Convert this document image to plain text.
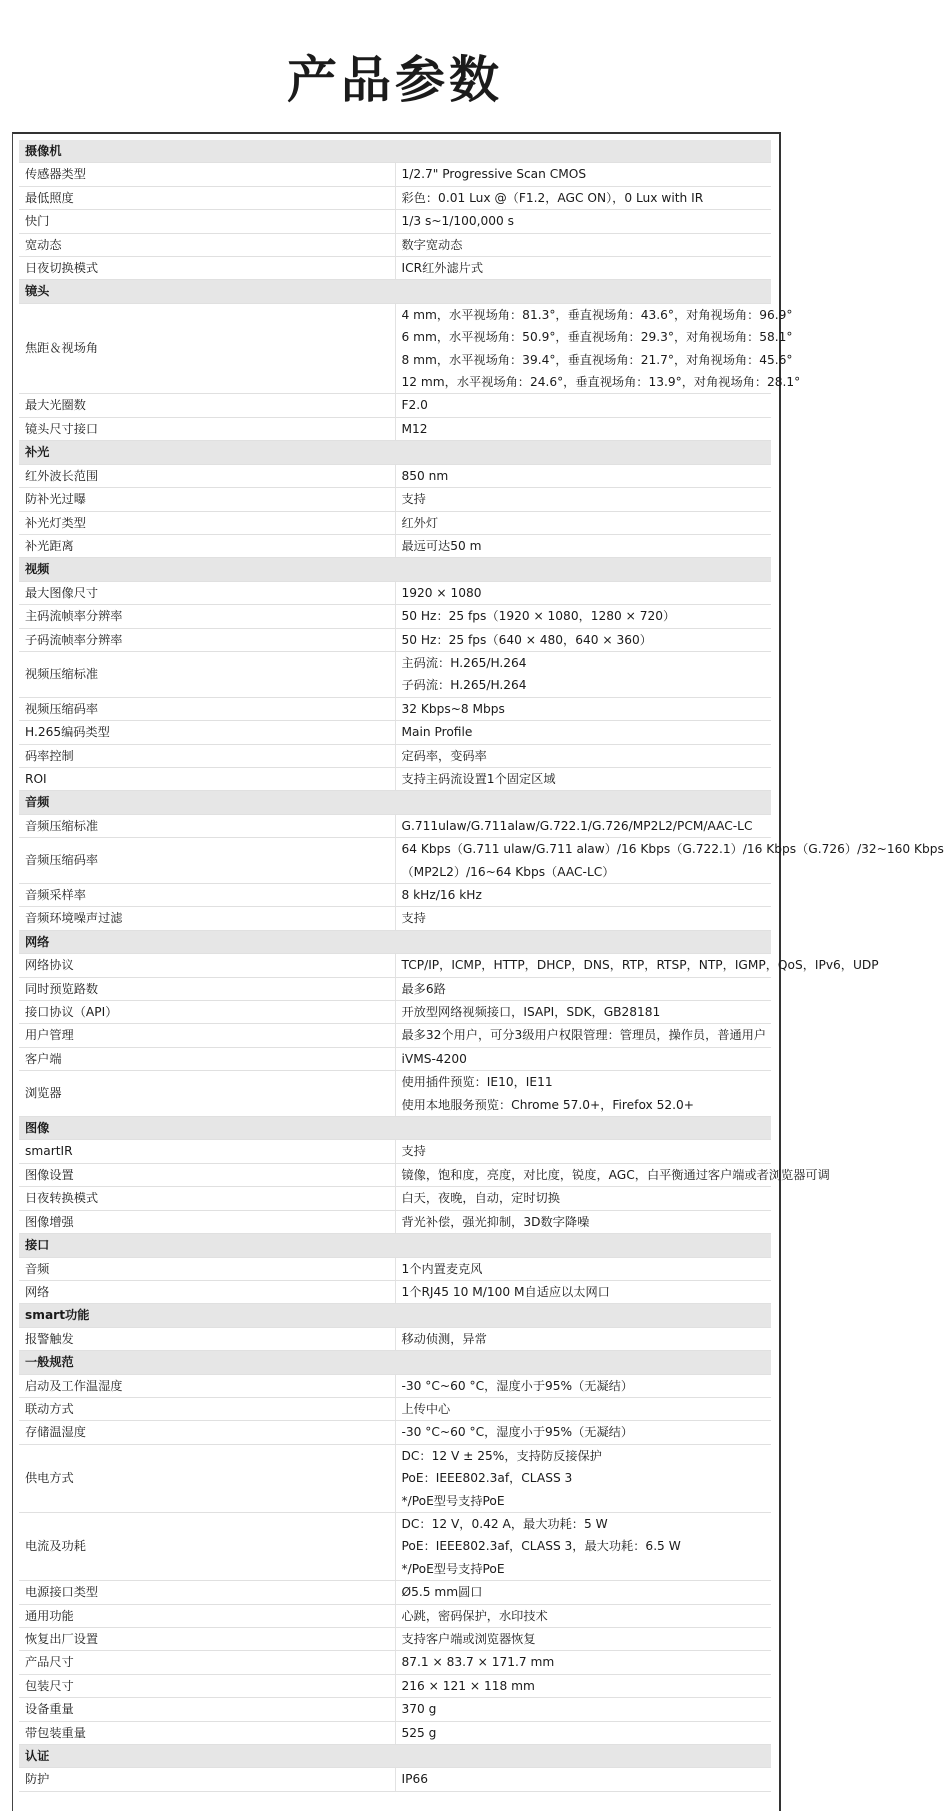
产品参数
摄像机	
传感器类型	1/2.7" Progressive Scan CMOS

最低照度	彩色：0.01 Lux @（F1.2，AGC ON），0 Lux with IR

快门	1/3 s~1/100,000 s

宽动态	数字宽动态

日夜切换模式	ICR红外滤片式

镜头	
焦距＆视场角	4 mm，水平视场角：81.3°，垂直视场角：43.6°，对角视场角：96.9°
6 mm，水平视场角：50.9°，垂直视场角：29.3°，对角视场角：58.1°
8 mm，水平视场角：39.4°，垂直视场角：21.7°，对角视场角：45.6°
12 mm，水平视场角：24.6°，垂直视场角：13.9°，对角视场角：28.1°

最大光圈数	F2.0

镜头尺寸接口	M12

补光	
红外波长范围	850 nm

防补光过曝	支持

补光灯类型	红外灯

补光距离	最远可达50 m

视频	
最大图像尺寸	1920 × 1080

主码流帧率分辨率	50 Hz：25 fps（1920 × 1080，1280 × 720）

子码流帧率分辨率	50 Hz：25 fps（640 × 480，640 × 360）

视频压缩标准	主码流：H.265/H.264
子码流：H.265/H.264

视频压缩码率	32 Kbps~8 Mbps

H.265编码类型	Main Profile

码率控制	定码率，变码率

ROI	支持主码流设置1个固定区域

音频	
音频压缩标准	G.711ulaw/G.711alaw/G.722.1/G.726/MP2L2/PCM/AAC-LC

音频压缩码率	64 Kbps（G.711 ulaw/G.711 alaw）/16 Kbps（G.722.1）/16 Kbps（G.726）/32~160 Kbps
（MP2L2）/16~64 Kbps（AAC-LC）

音频采样率	8 kHz/16 kHz

音频环境噪声过滤	支持

网络	
网络协议	TCP/IP，ICMP，HTTP，DHCP，DNS，RTP，RTSP，NTP，IGMP，QoS，IPv6，UDP

同时预览路数	最多6路

接口协议（API）	开放型网络视频接口，ISAPI，SDK，GB28181

用户管理	最多32个用户，可分3级用户权限管理：管理员，操作员，普通用户

客户端	iVMS-4200

浏览器	使用插件预览：IE10，IE11
使用本地服务预览：Chrome 57.0+，Firefox 52.0+

图像	
smartIR	支持

图像设置	镜像，饱和度，亮度，对比度，锐度，AGC，白平衡通过客户端或者浏览器可调

日夜转换模式	白天，夜晚，自动，定时切换

图像增强	背光补偿，强光抑制，3D数字降噪

接口	
音频	1个内置麦克风

网络	1个RJ45 10 M/100 M自适应以太网口

smart功能	
报警触发	移动侦测，异常

一般规范	
启动及工作温湿度	-30 °C~60 °C，湿度小于95%（无凝结）

联动方式	上传中心

存储温湿度	-30 °C~60 °C，湿度小于95%（无凝结）

供电方式	DC：12 V ± 25%，支持防反接保护
PoE：IEEE802.3af，CLASS 3
*/PoE型号支持PoE

电流及功耗	DC：12 V，0.42 A，最大功耗：5 W
PoE：IEEE802.3af，CLASS 3，最大功耗：6.5 W
*/PoE型号支持PoE

电源接口类型	Ø5.5 mm圆口

通用功能	心跳，密码保护，水印技术

恢复出厂设置	支持客户端或浏览器恢复

产品尺寸	87.1 × 83.7 × 171.7 mm

包装尺寸	216 × 121 × 118 mm

设备重量	370 g

带包装重量	525 g

认证	
防护	IP66
